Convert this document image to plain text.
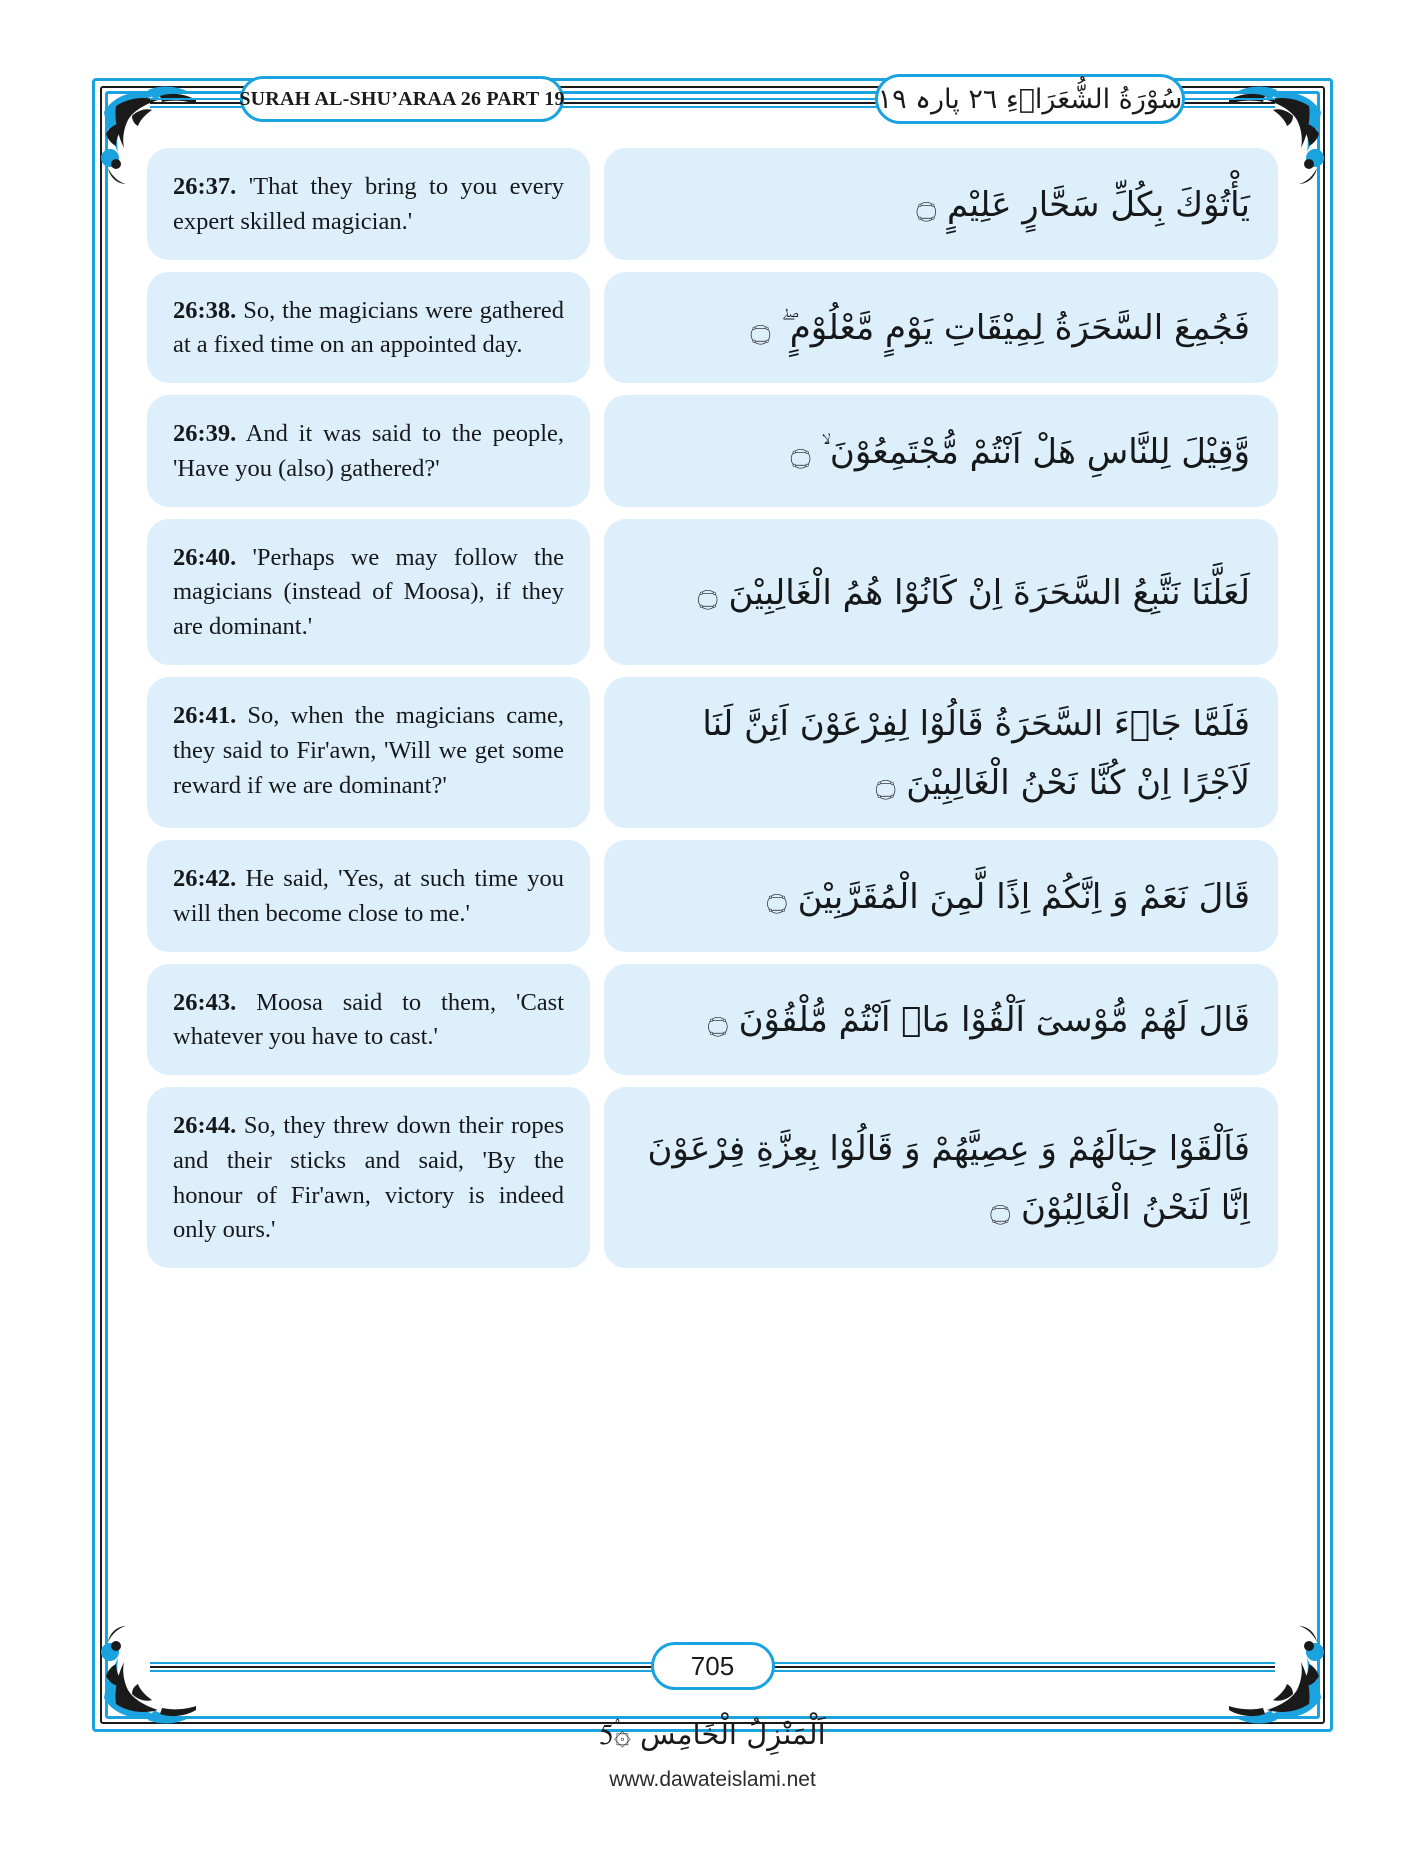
SURAH AL-SHU’ARAA 26 PART 19	سُوْرَةُ الشُّعَرَاۤءِ ٢٦ پارہ ١٩

26:37. 'That they bring to you every expert skilled magician.'	يَأْتُوْكَ بِكُلِّ سَحَّارٍ عَلِيْمٍ ۝

26:38. So, the magicians were gathered at a fixed time on an appointed day.	فَجُمِعَ السَّحَرَةُ لِمِيْقَاتِ يَوْمٍ مَّعْلُوْمٍ ۖ ۝

26:39. And it was said to the people, 'Have you (also) gathered?'	وَّقِيْلَ لِلنَّاسِ هَلْ اَنْتُمْ مُّجْتَمِعُوْنَ ۙ ۝

26:40. 'Perhaps we may follow the magicians (instead of Moosa), if they are dominant.'

لَعَلَّنَا نَتَّبِعُ السَّحَرَةَ اِنْ كَانُوْا هُمُ الْغَالِبِيْنَ ۝

26:41. So, when the magicians came, they said to Fir'awn, 'Will we get some reward if we are dominant?'

فَلَمَّا جَاۤءَ السَّحَرَةُ قَالُوْا لِفِرْعَوْنَ اَئِنَّ لَنَا لَاَجْرًا اِنْ كُنَّا نَحْنُ الْغَالِبِيْنَ ۝

26:42. He said, 'Yes, at such time you will then become close to me.'	قَالَ نَعَمْ وَ اِنَّكُمْ اِذًا لَّمِنَ الْمُقَرَّبِيْنَ ۝

26:43. Moosa said to them, 'Cast whatever you have to cast.'	قَالَ لَهُمْ مُّوْسىٓ اَلْقُوْا مَاۤ اَنْتُمْ مُّلْقُوْنَ ۝

26:44. So, they threw down their ropes and their sticks and said, 'By the honour of Fir'awn, victory is indeed only ours.'

فَاَلْقَوْا حِبَالَهُمْ وَ عِصِيَّهُمْ وَ قَالُوْا بِعِزَّةِ فِرْعَوْنَ اِنَّا لَنَحْنُ الْغَالِبُوْنَ ۝

705
اَلْمَنْزِلُ الْخَامِس ۞5۟
www.dawateislami.net
